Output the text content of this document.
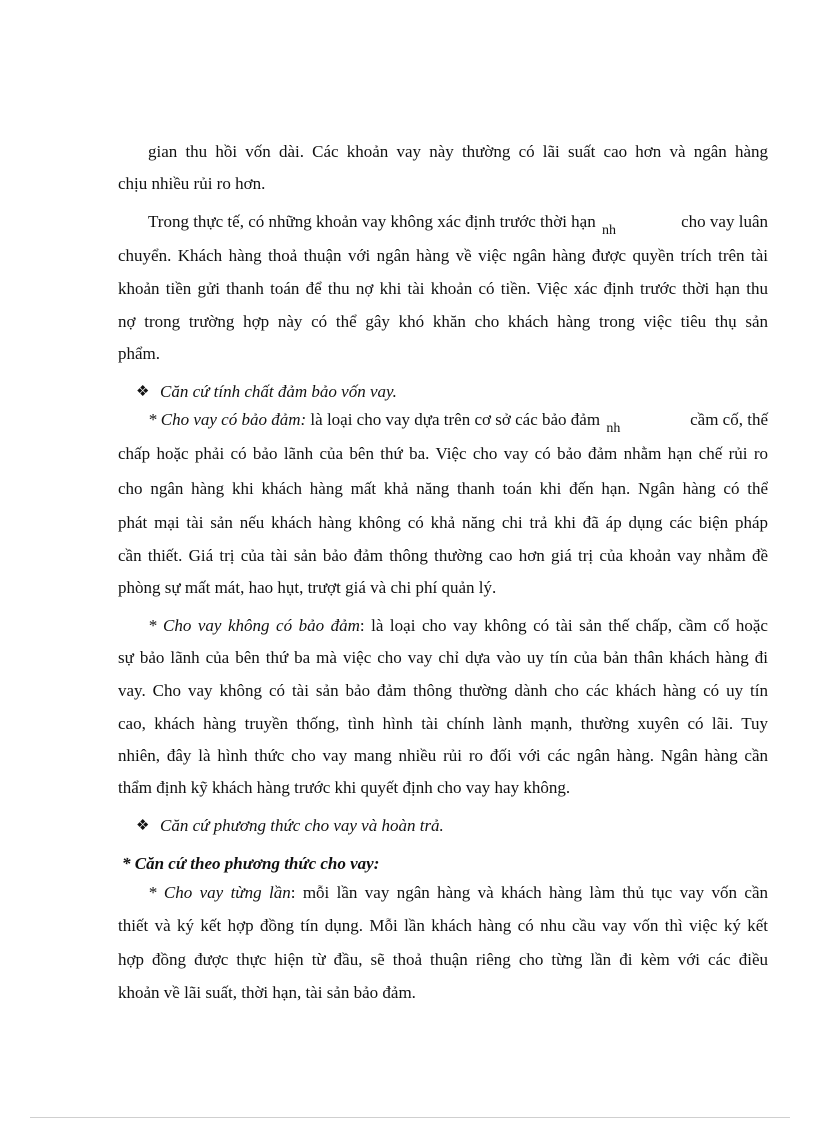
gian thu hồi vốn dài. Các khoản vay này thường có lãi suất cao hơn và ngân hàng
chịu nhiều rủi ro hơn.
Trong thực tế, có những khoản vay không xác định trước thời hạn $_{nh}$	cho vay luân
chuyển. Khách hàng thoả thuận với ngân hàng về việc ngân hàng được quyền trích trên tài
khoản tiền gửi thanh toán để thu nợ khi tài khoản có tiền. Việc xác định trước thời hạn thu
nợ trong trường hợp này có thể gây khó khăn cho khách hàng trong việc tiêu thụ sản
phẩm.
❖ Căn cứ tính chất đảm bảo vốn vay.
* Cho vay có bảo đảm: là loại cho vay dựa trên cơ sở các bảo đảm $_{nh}$	cầm cố, thế
chấp hoặc phải có bảo lãnh của bên thứ ba. Việc cho vay có bảo đảm nhằm hạn chế rủi ro
cho ngân hàng khi khách hàng mất khả năng thanh toán khi đến hạn. Ngân hàng có thể
phát mại tài sản nếu khách hàng không có khả năng chi trả khi đã áp dụng các biện pháp
cần thiết. Giá trị của tài sản bảo đảm thông thường cao hơn giá trị của khoản vay nhằm đề
phòng sự mất mát, hao hụt, trượt giá và chi phí quản lý.
* Cho vay không có bảo đảm: là loại cho vay không có tài sản thế chấp, cầm cố hoặc
sự bảo lãnh của bên thứ ba mà việc cho vay chỉ dựa vào uy tín của bản thân khách hàng đi
vay. Cho vay không có tài sản bảo đảm thông thường dành cho các khách hàng có uy tín
cao, khách hàng truyền thống, tình hình tài chính lành mạnh, thường xuyên có lãi. Tuy
nhiên, đây là hình thức cho vay mang nhiều rủi ro đối với các ngân hàng. Ngân hàng cần
thẩm định kỹ khách hàng trước khi quyết định cho vay hay không.
❖ Căn cứ phương thức cho vay và hoàn trả.
* Căn cứ theo phương thức cho vay:
* Cho vay từng lần: mỗi lần vay ngân hàng và khách hàng làm thủ tục vay vốn cần
thiết và ký kết hợp đồng tín dụng. Mỗi lần khách hàng có nhu cầu vay vốn thì việc ký kết
hợp đồng được thực hiện từ đầu, sẽ thoả thuận riêng cho từng lần đi kèm với các điều
khoản về lãi suất, thời hạn, tài sản bảo đảm.
